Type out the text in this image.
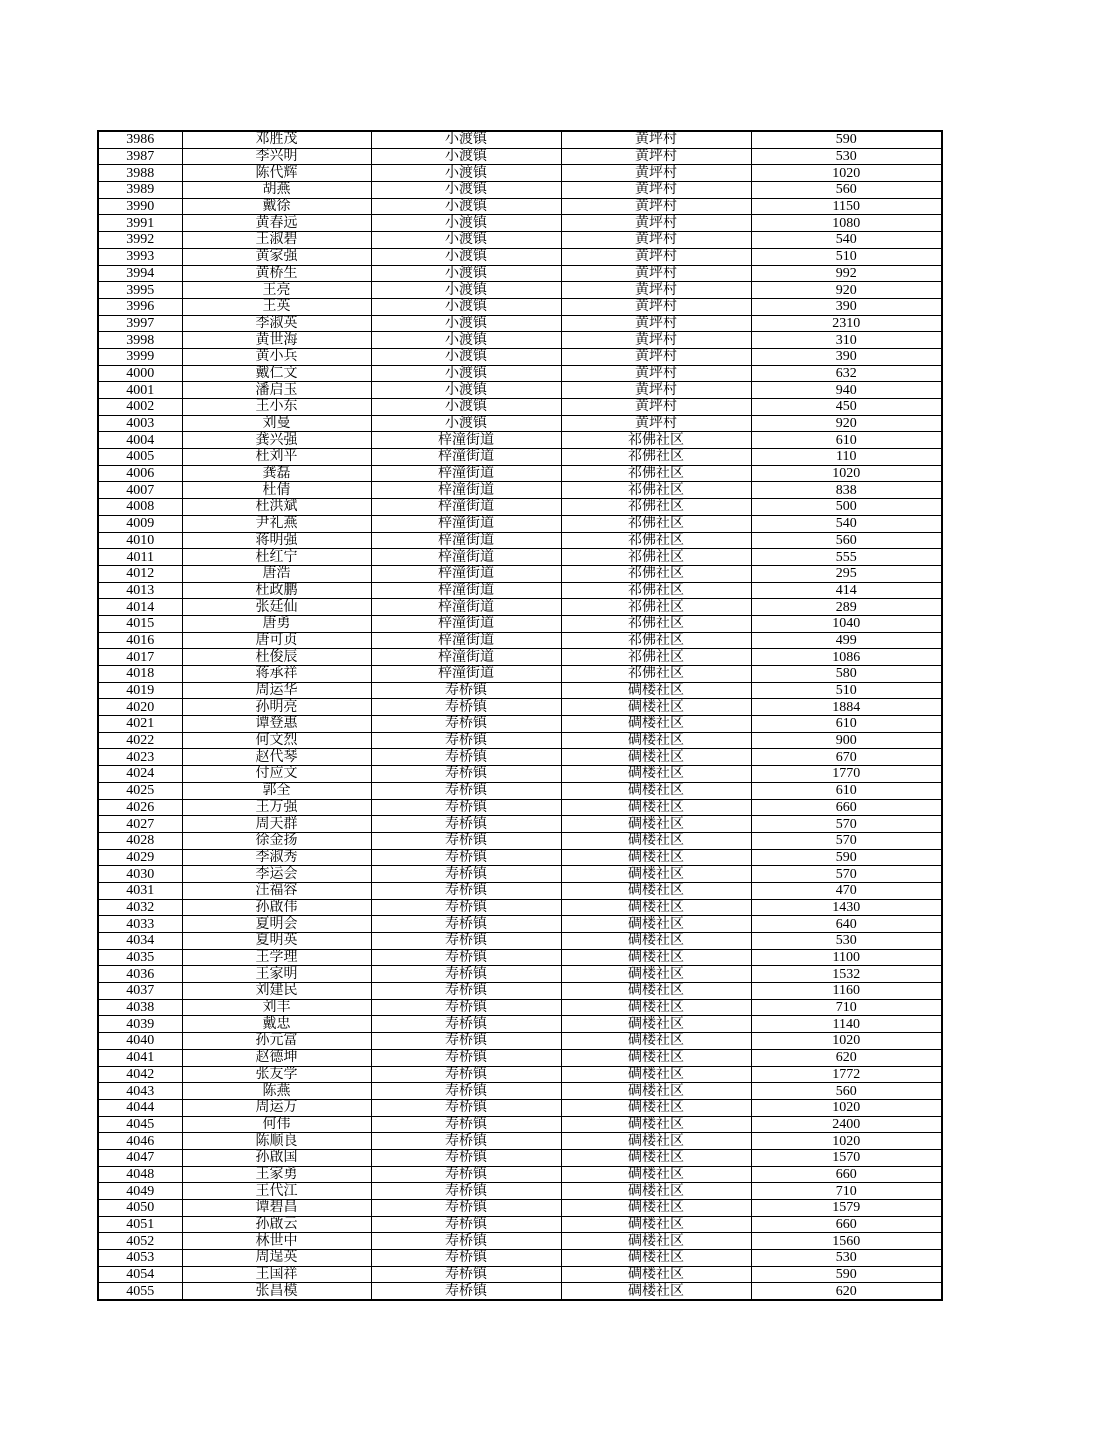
3986	邓胜茂	小渡镇	黄坪村	590
3987	李兴明	小渡镇	黄坪村	530
3988	陈代辉	小渡镇	黄坪村	1020
3989	胡燕	小渡镇	黄坪村	560
3990	戴徐	小渡镇	黄坪村	1150
3991	黄春远	小渡镇	黄坪村	1080
3992	王淑碧	小渡镇	黄坪村	540
3993	黄家强	小渡镇	黄坪村	510
3994	黄桥生	小渡镇	黄坪村	992
3995	王亮	小渡镇	黄坪村	920
3996	王英	小渡镇	黄坪村	390
3997	李淑英	小渡镇	黄坪村	2310
3998	黄世海	小渡镇	黄坪村	310
3999	黄小兵	小渡镇	黄坪村	390
4000	戴仁文	小渡镇	黄坪村	632
4001	潘启玉	小渡镇	黄坪村	940
4002	王小东	小渡镇	黄坪村	450
4003	刘曼	小渡镇	黄坪村	920
4004	龚兴强	梓潼街道	祁佛社区	610
4005	杜刘平	梓潼街道	祁佛社区	110
4006	龚磊	梓潼街道	祁佛社区	1020
4007	杜倩	梓潼街道	祁佛社区	838
4008	杜洪斌	梓潼街道	祁佛社区	500
4009	尹礼燕	梓潼街道	祁佛社区	540
4010	蒋明强	梓潼街道	祁佛社区	560
4011	杜红宁	梓潼街道	祁佛社区	555
4012	唐浩	梓潼街道	祁佛社区	295
4013	杜政鹏	梓潼街道	祁佛社区	414
4014	张廷仙	梓潼街道	祁佛社区	289
4015	唐勇	梓潼街道	祁佛社区	1040
4016	唐可贞	梓潼街道	祁佛社区	499
4017	杜俊辰	梓潼街道	祁佛社区	1086
4018	蒋承祥	梓潼街道	祁佛社区	580
4019	周运华	寿桥镇	碉楼社区	510
4020	孙明亮	寿桥镇	碉楼社区	1884
4021	谭登惠	寿桥镇	碉楼社区	610
4022	何文烈	寿桥镇	碉楼社区	900
4023	赵代琴	寿桥镇	碉楼社区	670
4024	付应文	寿桥镇	碉楼社区	1770
4025	郭全	寿桥镇	碉楼社区	610
4026	王万强	寿桥镇	碉楼社区	660
4027	周天群	寿桥镇	碉楼社区	570
4028	徐金扬	寿桥镇	碉楼社区	570
4029	李淑秀	寿桥镇	碉楼社区	590
4030	李运会	寿桥镇	碉楼社区	570
4031	汪福容	寿桥镇	碉楼社区	470
4032	孙啟伟	寿桥镇	碉楼社区	1430
4033	夏明会	寿桥镇	碉楼社区	640
4034	夏明英	寿桥镇	碉楼社区	530
4035	王学理	寿桥镇	碉楼社区	1100
4036	王家明	寿桥镇	碉楼社区	1532
4037	刘建民	寿桥镇	碉楼社区	1160
4038	刘丰	寿桥镇	碉楼社区	710
4039	戴忠	寿桥镇	碉楼社区	1140
4040	孙元富	寿桥镇	碉楼社区	1020
4041	赵德坤	寿桥镇	碉楼社区	620
4042	张友学	寿桥镇	碉楼社区	1772
4043	陈燕	寿桥镇	碉楼社区	560
4044	周运万	寿桥镇	碉楼社区	1020
4045	何伟	寿桥镇	碉楼社区	2400
4046	陈顺良	寿桥镇	碉楼社区	1020
4047	孙啟国	寿桥镇	碉楼社区	1570
4048	王家勇	寿桥镇	碉楼社区	660
4049	王代江	寿桥镇	碉楼社区	710
4050	谭碧昌	寿桥镇	碉楼社区	1579
4051	孙啟云	寿桥镇	碉楼社区	660
4052	林世中	寿桥镇	碉楼社区	1560
4053	周逞英	寿桥镇	碉楼社区	530
4054	王国祥	寿桥镇	碉楼社区	590
4055	张昌模	寿桥镇	碉楼社区	620
